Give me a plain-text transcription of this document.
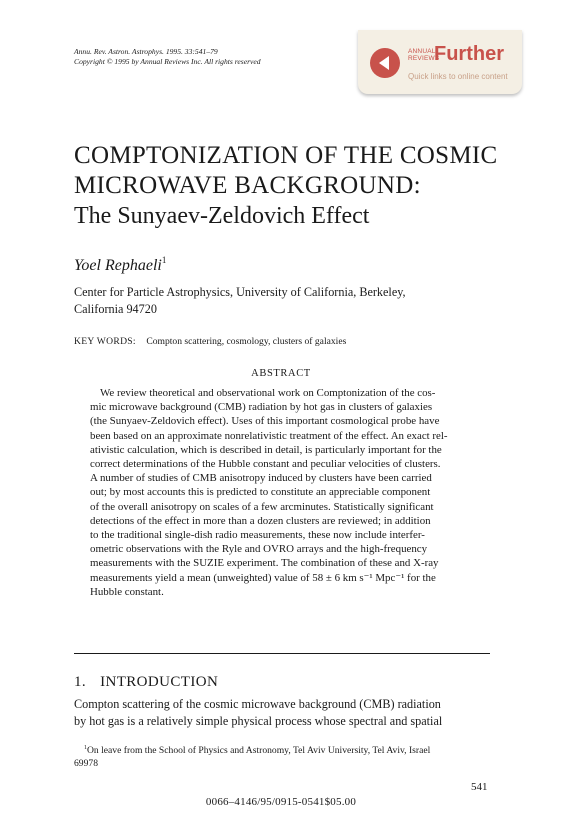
Annu. Rev. Astron. Astrophys. 1995. 33:541–79
Copyright © 1995 by Annual Reviews Inc. All rights reserved
ANNUAL
REVIEWS
Further
Quick links to online content
COMPTONIZATION OF THE COSMIC
MICROWAVE BACKGROUND:
The Sunyaev-Zeldovich Effect
Yoel Rephaeli$^1$
Center for Particle Astrophysics, University of California, Berkeley,
California 94720
KEY WORDS: Compton scattering, cosmology, clusters of galaxies
ABSTRACT
We review theoretical and observational work on Comptonization of the cos-
mic microwave background (CMB) radiation by hot gas in clusters of galaxies
(the Sunyaev-Zeldovich effect). Uses of this important cosmological probe have
been based on an approximate nonrelativistic treatment of the effect. An exact rel-
ativistic calculation, which is described in detail, is particularly important for the
correct determinations of the Hubble constant and peculiar velocities of clusters.
A number of studies of CMB anisotropy induced by clusters have been carried
out; by most accounts this is predicted to constitute an appreciable component
of the overall anisotropy on scales of a few arcminutes. Statistically significant
detections of the effect in more than a dozen clusters are reviewed; in addition
to the traditional single-dish radio measurements, these now include interfer-
ometric observations with the Ryle and OVRO arrays and the high-frequency
measurements with the SUZIE experiment. The combination of these and X-ray
measurements yield a mean (unweighted) value of 58 ± 6 km s⁻¹ Mpc⁻¹ for the
Hubble constant.
1. INTRODUCTION
Compton scattering of the cosmic microwave background (CMB) radiation
by hot gas is a relatively simple physical process whose spectral and spatial
$^1$On leave from the School of Physics and Astronomy, Tel Aviv University, Tel Aviv, Israel
69978
541
0066–4146/95/0915-0541$05.00
